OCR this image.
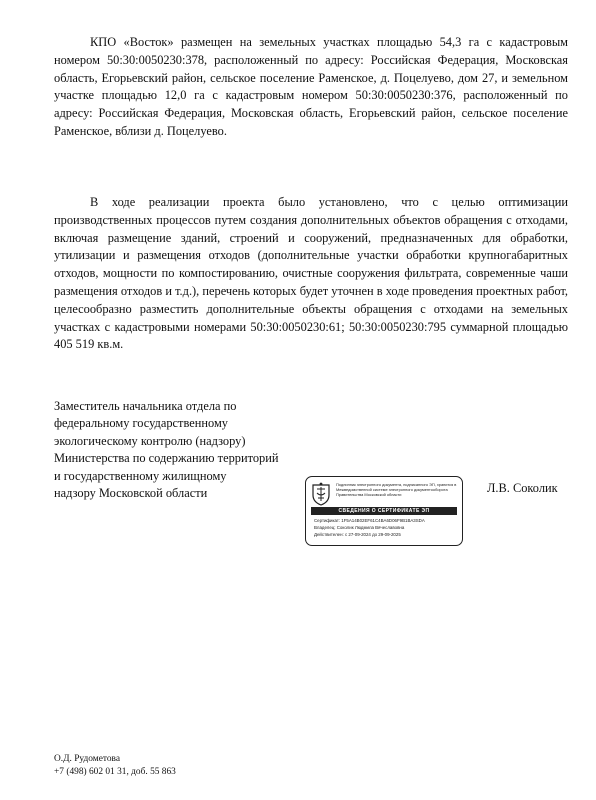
КПО «Восток» размещен на земельных участках площадью 54,3 га с кадастровым номером 50:30:0050230:378, расположенный по адресу: Российская Федерация, Московская область, Егорьевский район, сельское поселение Раменское, д. Поцелуево, дом 27, и земельном участке площадью 12,0 га с кадастровым номером 50:30:0050230:376, расположенный по адресу: Российская Федерация, Московская область, Егорьевский район, сельское поселение Раменское, вблизи д. Поцелуево.

В ходе реализации проекта было установлено, что с целью оптимизации производственных процессов путем создания дополнительных объектов обращения с отходами, включая размещение зданий, строений и сооружений, предназначенных для обработки, утилизации и размещения отходов (дополнительные участки обработки крупногабаритных отходов, мощности по компостированию, очистные сооружения фильтрата, современные чаши размещения отходов и т.д.), перечень которых будет уточнен в ходе проведения проектных работ, целесообразно разместить дополнительные объекты обращения с отходами на земельных участках с кадастровыми номерами 50:30:0050230:61; 50:30:0050230:795 суммарной площадью 405 519 кв.м.

Заместитель начальника отдела по
федеральному государственному
экологическому контролю (надзору)
Министерства по содержанию территорий
и государственному жилищному
надзору Московской области
Подлинник электронного документа, подписанного ЭП, хранится в Межведомственной системе электронного документооборота Правительства Московской области
СВЕДЕНИЯ О СЕРТИФИКАТЕ ЭП
Сертификат: 1F5A14B02EF61C4BA6D06F9B1BA3SDA
Владелец: Соколик Людмила Вячеславовна
Действителен: с 27-09-2024 до 29-09-2025
Л.В. Соколик
О.Д. Рудометова
+7 (498) 602 01 31, доб. 55 863
